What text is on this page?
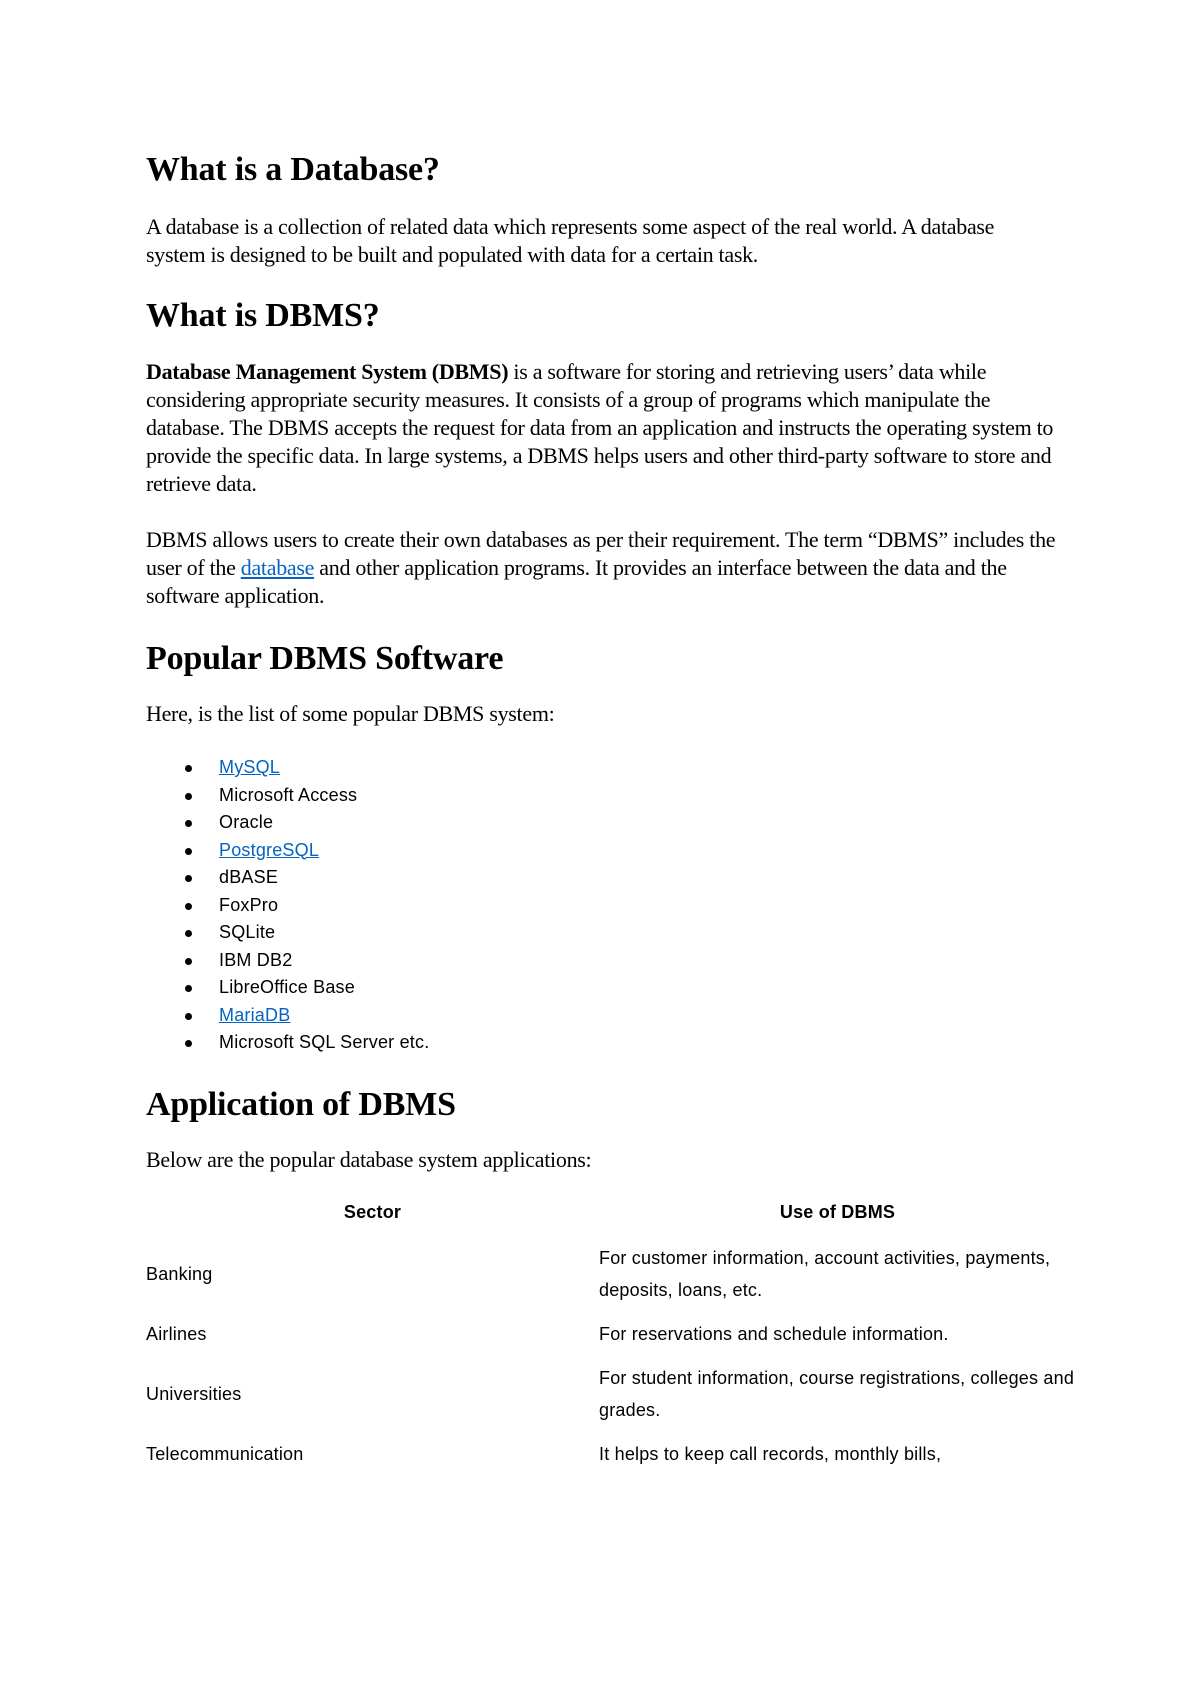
What is a Database?

A database is a collection of related data which represents some aspect of the real world. A database system is designed to be built and populated with data for a certain task.

What is DBMS?

Database Management System (DBMS) is a software for storing and retrieving users’ data while considering appropriate security measures. It consists of a group of programs which manipulate the database. The DBMS accepts the request for data from an application and instructs the operating system to provide the specific data. In large systems, a DBMS helps users and other third-party software to store and retrieve data.

DBMS allows users to create their own databases as per their requirement. The term “DBMS” includes the user of the database and other application programs. It provides an interface between the data and the software application.

Popular DBMS Software

Here, is the list of some popular DBMS system:

MySQL
Microsoft Access
Oracle
PostgreSQL
dBASE
FoxPro
SQLite
IBM DB2
LibreOffice Base
MariaDB
Microsoft SQL Server etc.
Application of DBMS

Below are the popular database system applications:

Sector	Use of DBMS
Banking	For customer information, account activities, payments, deposits, loans, etc.
Airlines	For reservations and schedule information.
Universities	For student information, course registrations, colleges and grades.
Telecommunication	It helps to keep call records, monthly bills,
